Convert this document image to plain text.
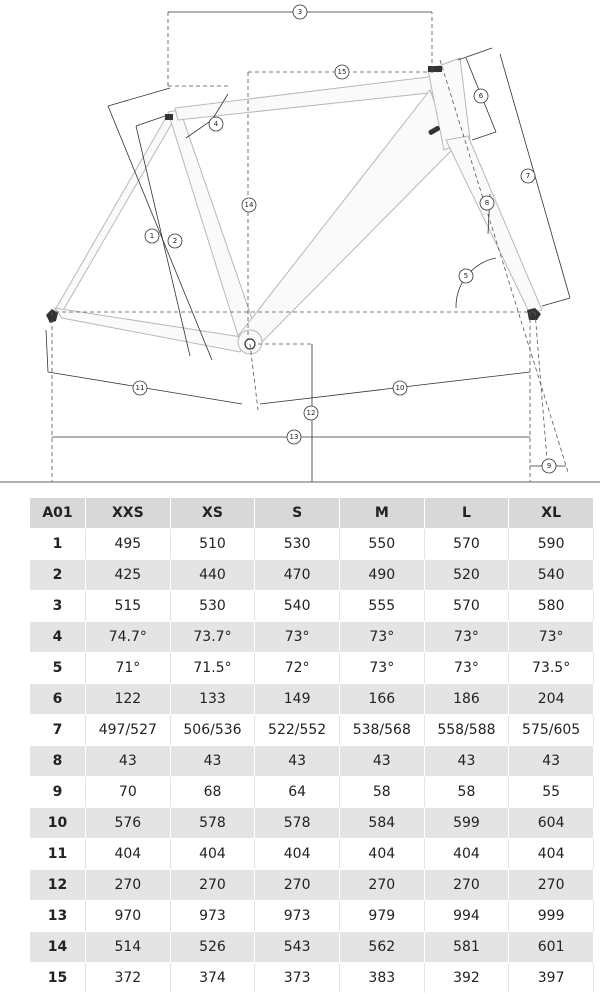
1
2
3
4
5
6
7
8
9
10
11
12
13
14
15
A01	XXS	XS	S	M	L	XL
1	495	510	530	550	570	590
2	425	440	470	490	520	540
3	515	530	540	555	570	580
4	74.7°	73.7°	73°	73°	73°	73°
5	71°	71.5°	72°	73°	73°	73.5°
6	122	133	149	166	186	204
7	497/527	506/536	522/552	538/568	558/588	575/605
8	43	43	43	43	43	43
9	70	68	64	58	58	55
10	576	578	578	584	599	604
11	404	404	404	404	404	404
12	270	270	270	270	270	270
13	970	973	973	979	994	999
14	514	526	543	562	581	601
15	372	374	373	383	392	397
